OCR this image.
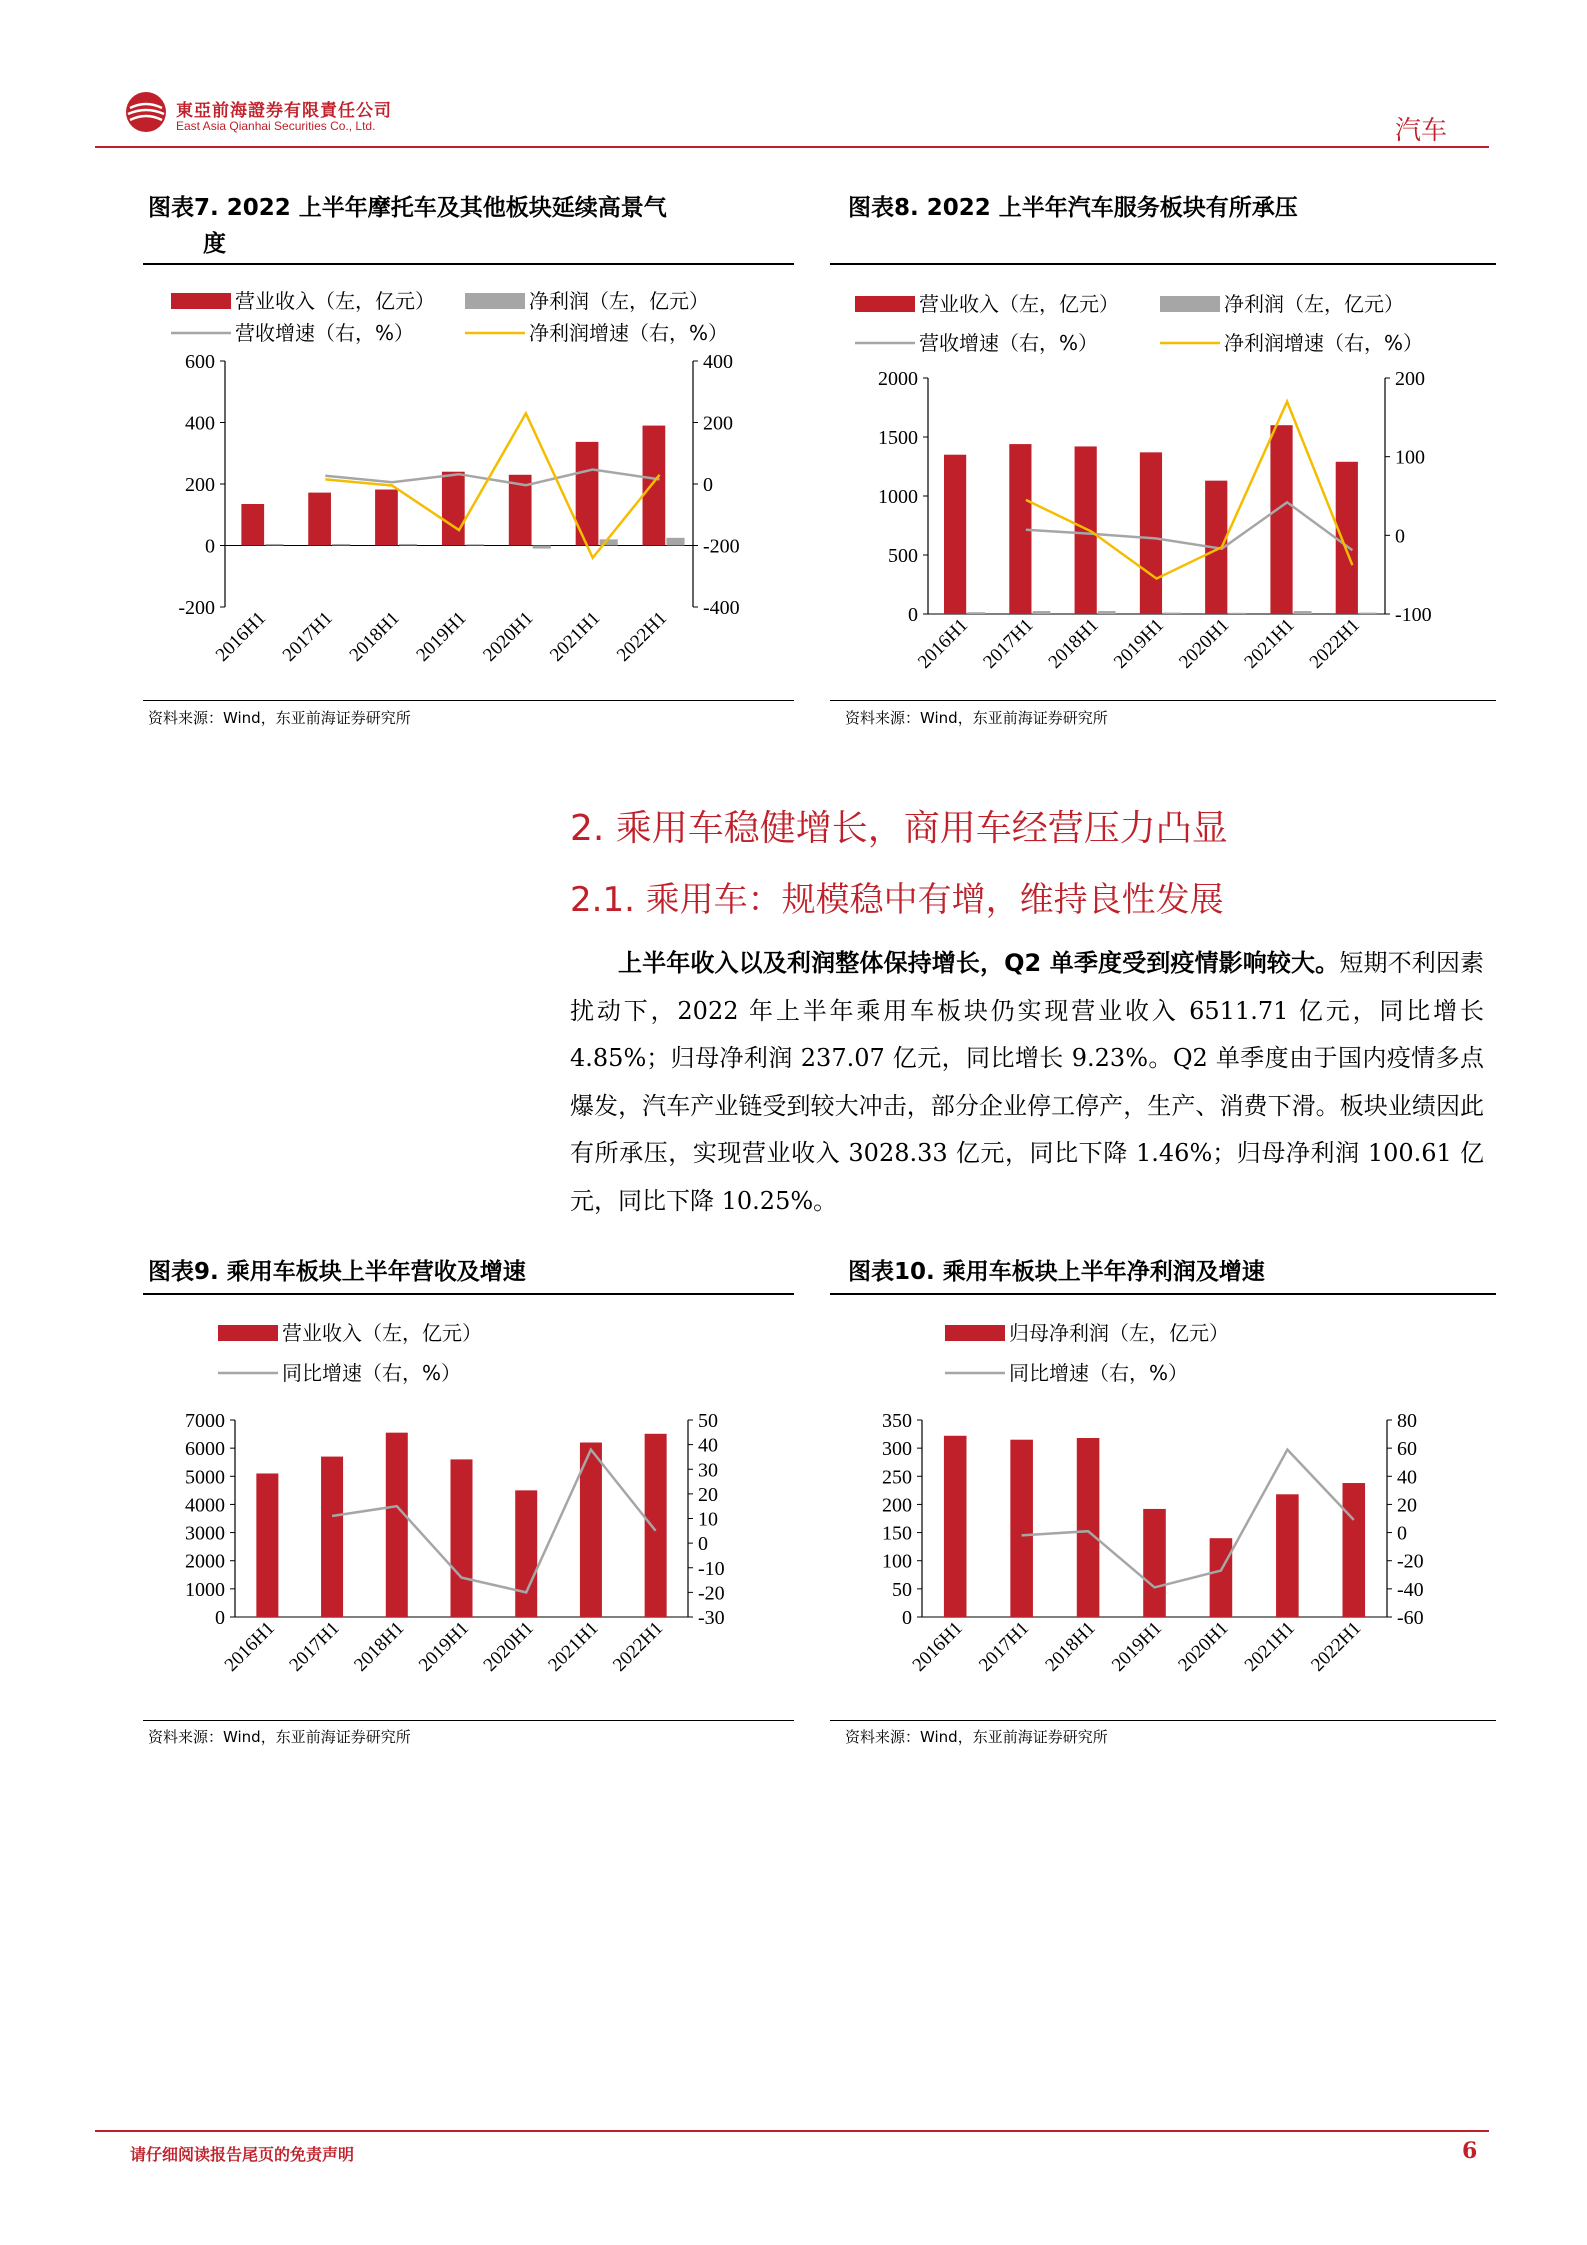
東亞前海證券有限責任公司
East Asia Qianhai Securities Co., Ltd.	汽车
图表7. 2022 上半年摩托车及其他板块延续高景气
度
营业收入（左，亿元）	净利润（左，亿元）
营收增速（右，%）	净利润增速（右，%）
600
400
200
0
-200
400
200
0
-200
-400
2016H1 2017H1 2018H1 2019H1 2020H1 2021H1 2022H1
资料来源：Wind，东亚前海证券研究所
图表8. 2022 上半年汽车服务板块有所承压
营业收入（左，亿元）	净利润（左，亿元）
营收增速（右，%）	净利润增速（右，%）
2000
1500
1000
500
0
200
100
0
-100
2016H1 2017H1 2018H1 2019H1 2020H1 2021H1 2022H1
资料来源：Wind，东亚前海证券研究所
2. 乘用车稳健增长，商用车经营压力凸显
2.1. 乘用车：规模稳中有增，维持良性发展
上半年收入以及利润整体保持增长，Q2 单季度受到疫情影响较大。短期不利因素扰动下，2022 年上半年乘用车板块仍实现营业收入 6511.71 亿元，同比增长 4.85%；归母净利润 237.07 亿元，同比增长 9.23%。Q2 单季度由于国内疫情多点爆发，汽车产业链受到较大冲击，部分企业停工停产，生产、消费下滑。板块业绩因此有所承压，实现营业收入 3028.33 亿元，同比下降 1.46%；归母净利润 100.61 亿元，同比下降 10.25%。
图表9. 乘用车板块上半年营收及增速
营业收入（左，亿元）
同比增速（右，%）
7000
6000
5000
4000
3000
2000
1000
0
50
40
30
20
10
0
-10
-20
-30
2016H1 2017H1 2018H1 2019H1 2020H1 2021H1 2022H1
资料来源：Wind，东亚前海证券研究所
图表10. 乘用车板块上半年净利润及增速
归母净利润（左，亿元）
同比增速（右，%）
350
300
250
200
150
100
50
0
80
60
40
20
0
-20
-40
-60
2016H1 2017H1 2018H1 2019H1 2020H1 2021H1 2022H1
资料来源：Wind，东亚前海证券研究所
请仔细阅读报告尾页的免责声明	6
